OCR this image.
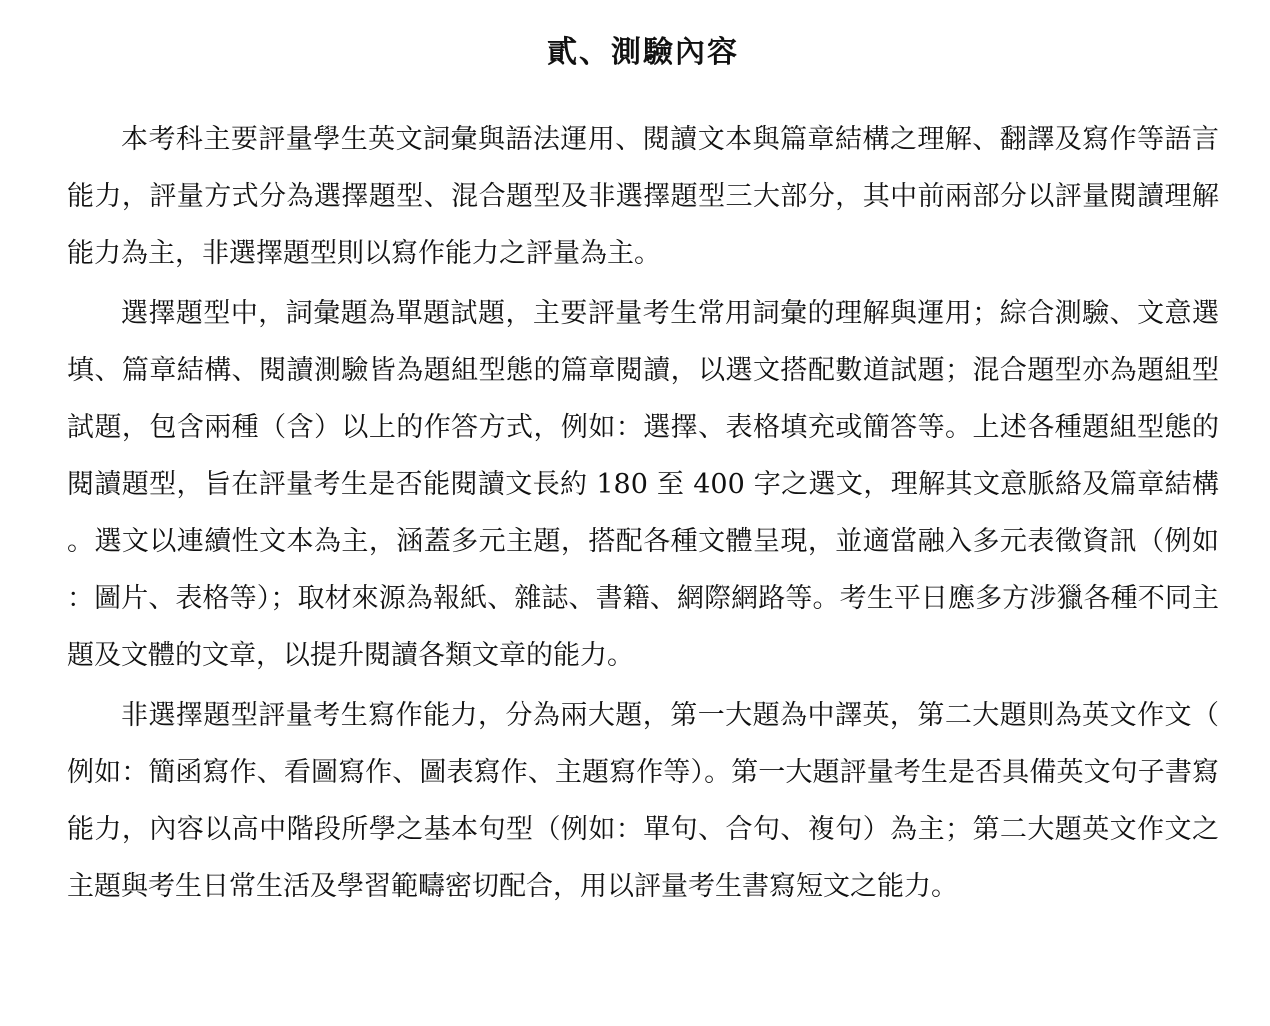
貳、測驗內容

本考科主要評量學生英文詞彙與語法運用、閱讀文本與篇章結構之理解、翻譯及寫作等語言能力，評量方式分為選擇題型、混合題型及非選擇題型三大部分，其中前兩部分以評量閱讀理解能力為主，非選擇題型則以寫作能力之評量為主。

選擇題型中，詞彙題為單題試題，主要評量考生常用詞彙的理解與運用；綜合測驗、文意選填、篇章結構、閱讀測驗皆為題組型態的篇章閱讀，以選文搭配數道試題；混合題型亦為題組型試題，包含兩種（含）以上的作答方式，例如：選擇、表格填充或簡答等。上述各種題組型態的閱讀題型，旨在評量考生是否能閱讀文長約 180 至 400 字之選文，理解其文意脈絡及篇章結構。選文以連續性文本為主，涵蓋多元主題，搭配各種文體呈現，並適當融入多元表徵資訊（例如：圖片、表格等）；取材來源為報紙、雜誌、書籍、網際網路等。考生平日應多方涉獵各種不同主題及文體的文章，以提升閱讀各類文章的能力。

非選擇題型評量考生寫作能力，分為兩大題，第一大題為中譯英，第二大題則為英文作文（例如：簡函寫作、看圖寫作、圖表寫作、主題寫作等）。第一大題評量考生是否具備英文句子書寫能力，內容以高中階段所學之基本句型（例如：單句、合句、複句）為主；第二大題英文作文之主題與考生日常生活及學習範疇密切配合，用以評量考生書寫短文之能力。
